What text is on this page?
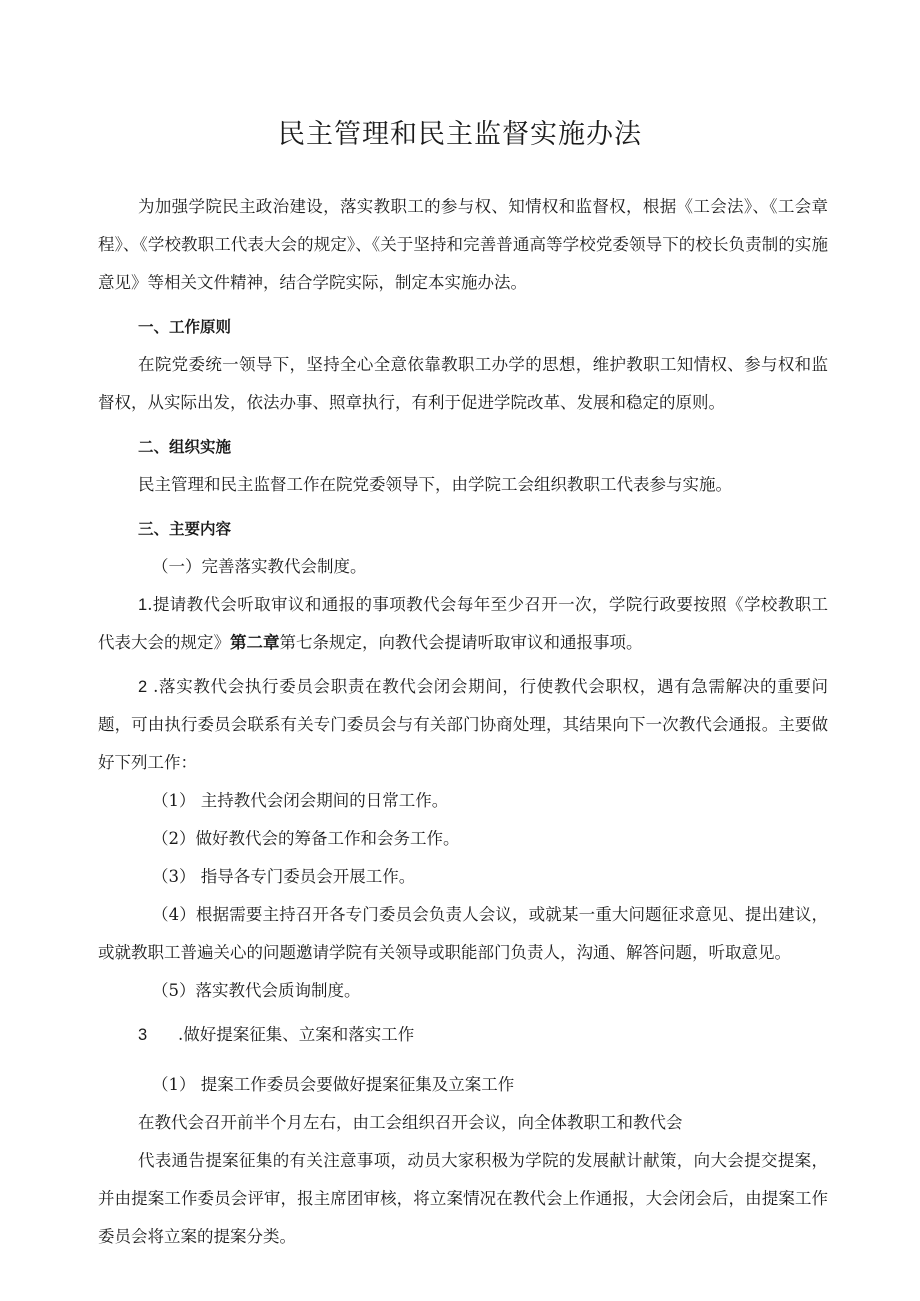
民主管理和民主监督实施办法

为加强学院民主政治建设，落实教职工的参与权、知情权和监督权，根据《工会法》、《工会章程》、《学校教职工代表大会的规定》、《关于坚持和完善普通高等学校党委领导下的校长负责制的实施意见》等相关文件精神，结合学院实际，制定本实施办法。

一、工作原则

在院党委统一领导下，坚持全心全意依靠教职工办学的思想，维护教职工知情权、参与权和监督权，从实际出发，依法办事、照章执行，有利于促进学院改革、发展和稳定的原则。

二、组织实施

民主管理和民主监督工作在院党委领导下，由学院工会组织教职工代表参与实施。

三、主要内容

（一）完善落实教代会制度。

1.提请教代会听取审议和通报的事项教代会每年至少召开一次，学院行政要按照《学校教职工代表大会的规定》第二章第七条规定，向教代会提请听取审议和通报事项。

2 .落实教代会执行委员会职责在教代会闭会期间，行使教代会职权，遇有急需解决的重要问题，可由执行委员会联系有关专门委员会与有关部门协商处理，其结果向下一次教代会通报。主要做好下列工作：

（1） 主持教代会闭会期间的日常工作。

（2）做好教代会的筹备工作和会务工作。

（3） 指导各专门委员会开展工作。

（4）根据需要主持召开各专门委员会负责人会议，或就某一重大问题征求意见、提出建议，或就教职工普遍关心的问题邀请学院有关领导或职能部门负责人，沟通、解答问题，听取意见。

（5）落实教代会质询制度。

3 .做好提案征集、立案和落实工作

（1） 提案工作委员会要做好提案征集及立案工作

在教代会召开前半个月左右，由工会组织召开会议，向全体教职工和教代会

代表通告提案征集的有关注意事项，动员大家积极为学院的发展献计献策，向大会提交提案，并由提案工作委员会评审，报主席团审核，将立案情况在教代会上作通报，大会闭会后，由提案工作委员会将立案的提案分类。
